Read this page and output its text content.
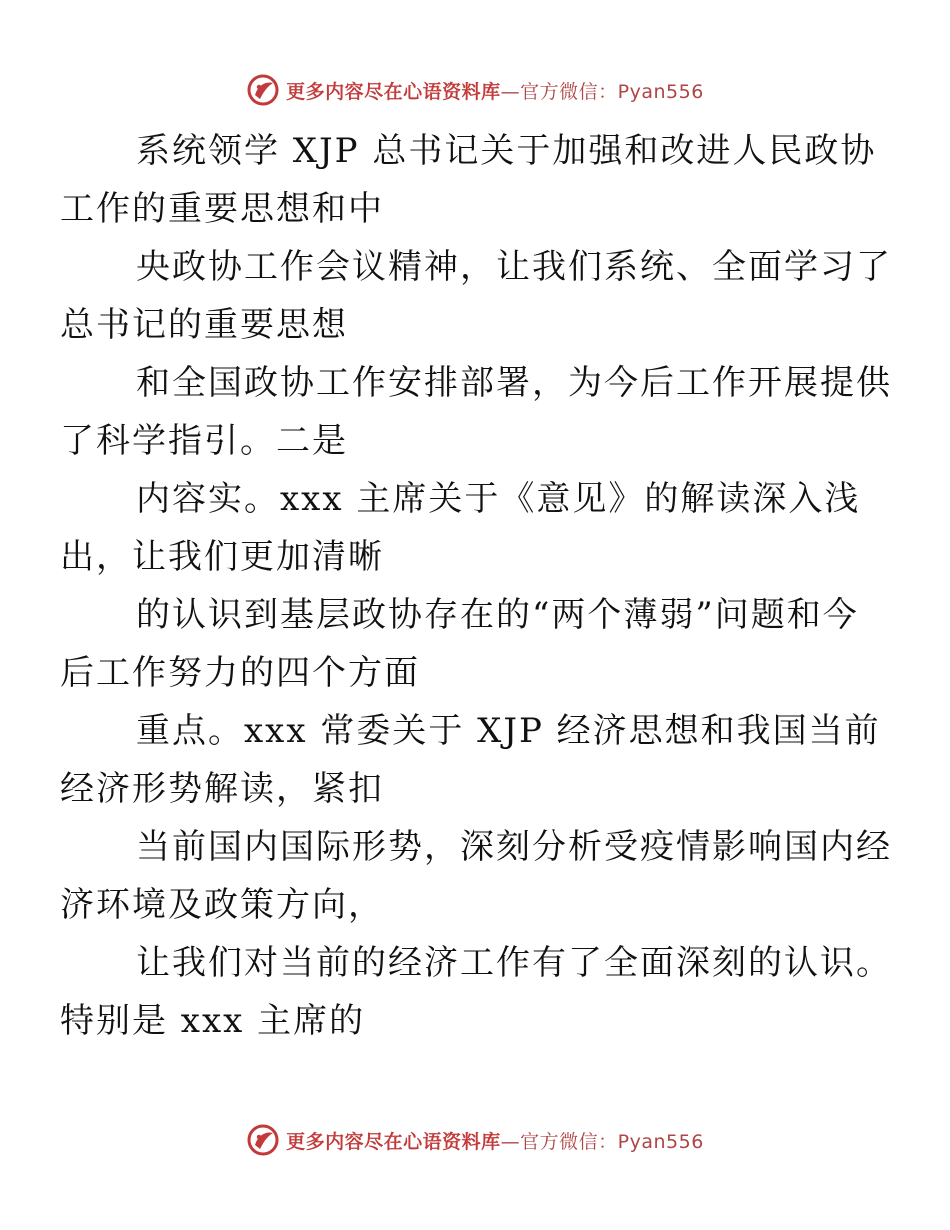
更多内容尽在心语资料库—官方微信：Pyan556

系统领学 XJP 总书记关于加强和改进人民政协
工作的重要思想和中

央政协工作会议精神，让我们系统、全面学习了
总书记的重要思想

和全国政协工作安排部署，为今后工作开展提供
了科学指引。二是

内容实。xxx 主席关于《意见》的解读深入浅
出，让我们更加清晰

的认识到基层政协存在的“两个薄弱”问题和今
后工作努力的四个方面

重点。xxx 常委关于 XJP 经济思想和我国当前
经济形势解读，紧扣

当前国内国际形势，深刻分析受疫情影响国内经
济环境及政策方向，

让我们对当前的经济工作有了全面深刻的认识。
特别是 xxx 主席的

更多内容尽在心语资料库—官方微信：Pyan556
